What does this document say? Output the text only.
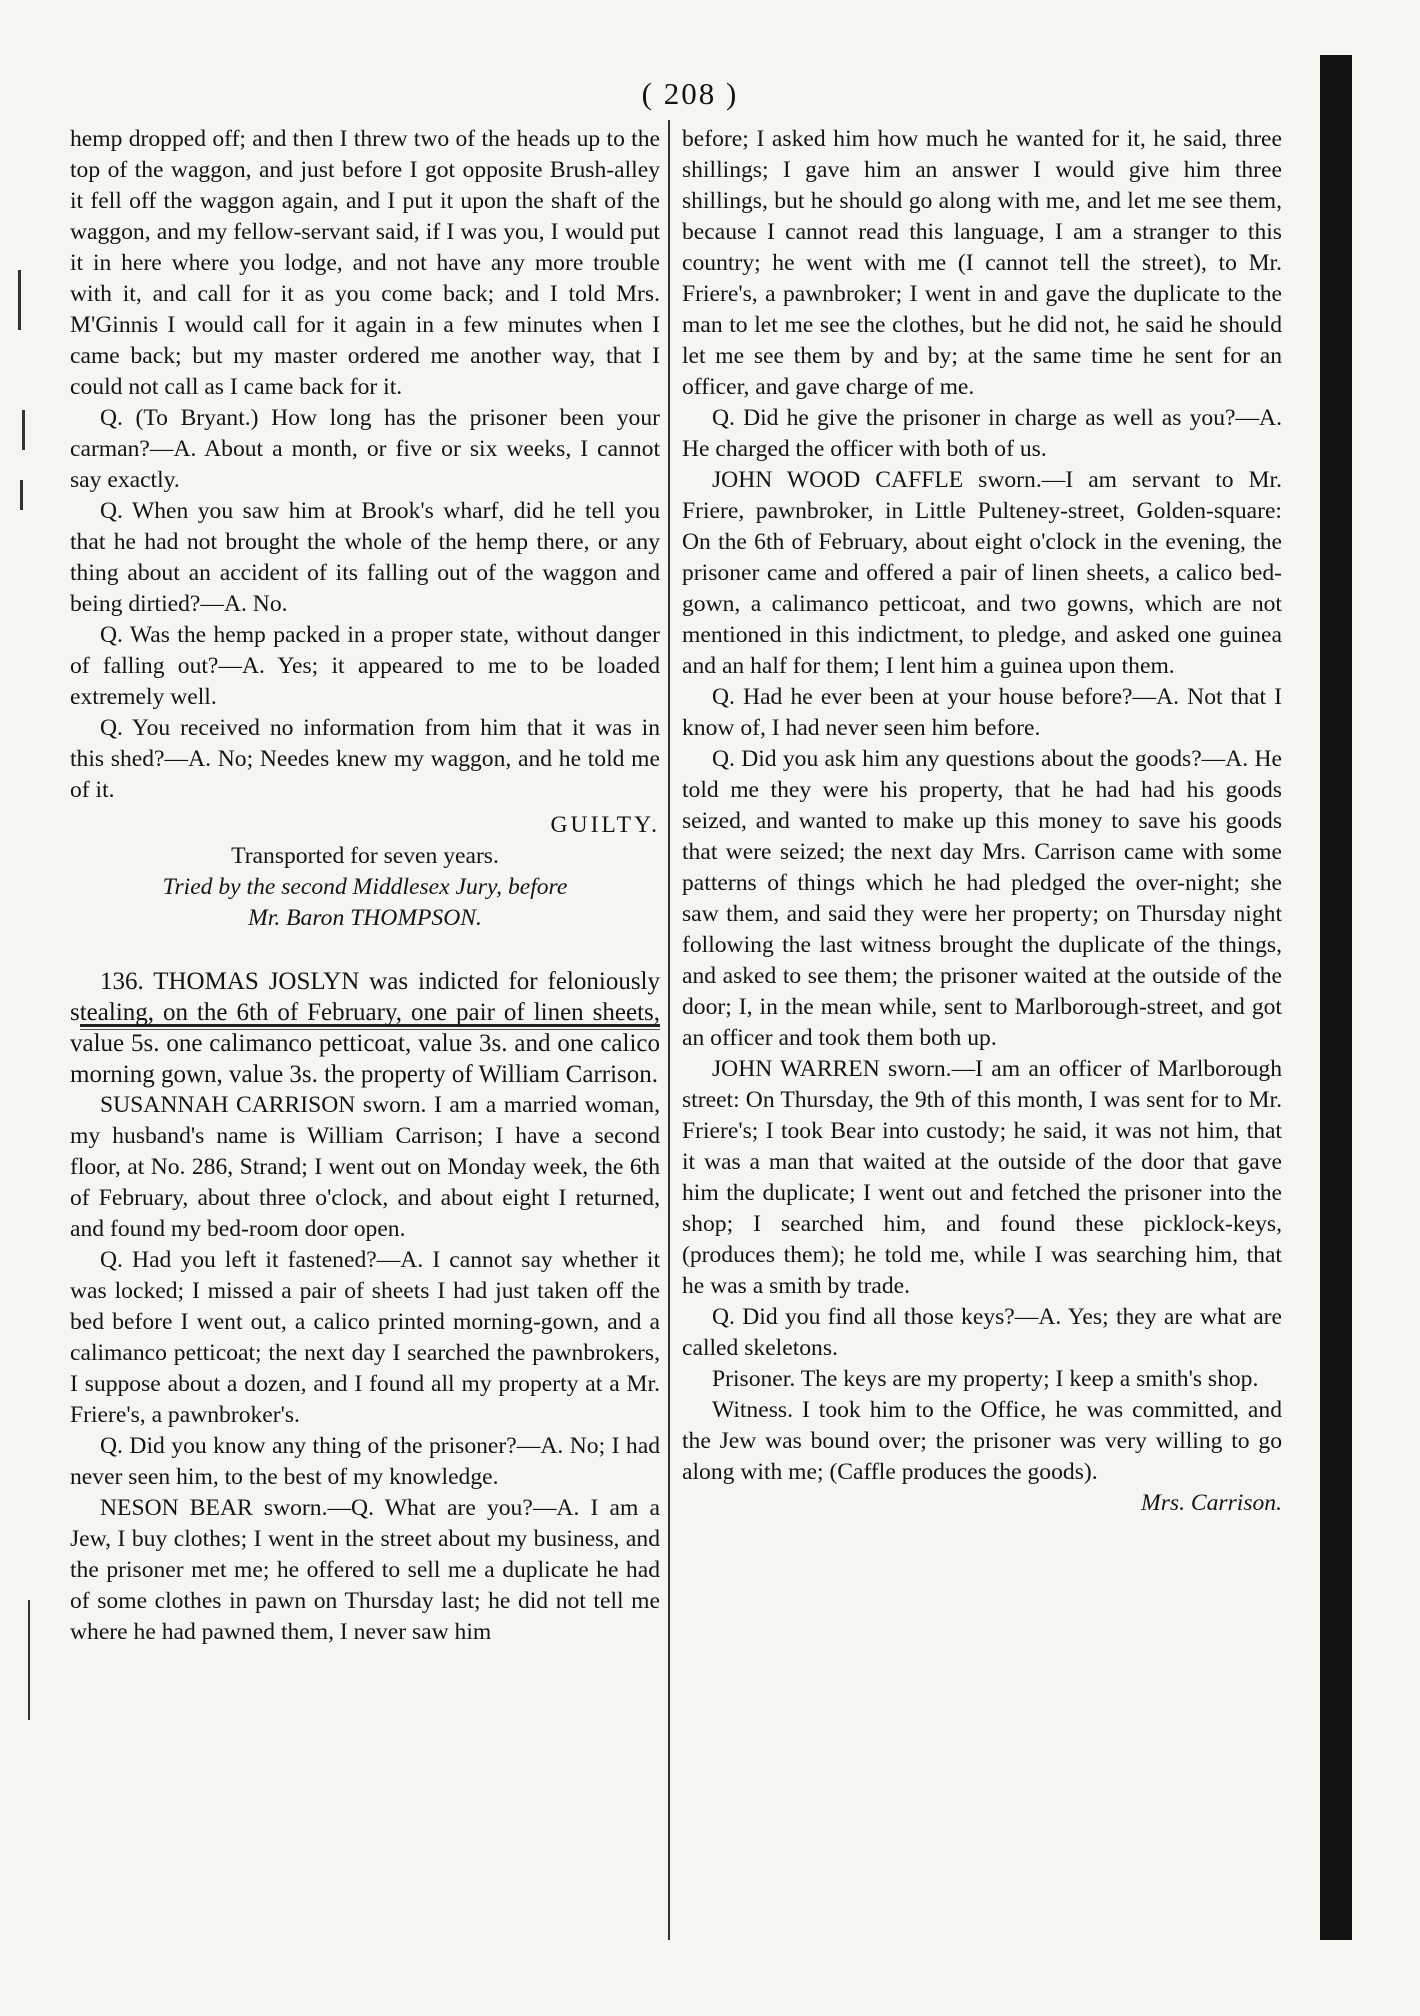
( 208 )

hemp dropped off; and then I threw two of the heads up to the top of the waggon, and just before I got opposite Brush-alley it fell off the waggon again, and I put it upon the shaft of the waggon, and my fellow-servant said, if I was you, I would put it in here where you lodge, and not have any more trouble with it, and call for it as you come back; and I told Mrs. M'Ginnis I would call for it again in a few minutes when I came back; but my master ordered me another way, that I could not call as I came back for it.

Q. (To Bryant.) How long has the prisoner been your carman?—A. About a month, or five or six weeks, I cannot say exactly.

Q. When you saw him at Brook's wharf, did he tell you that he had not brought the whole of the hemp there, or any thing about an accident of its falling out of the waggon and being dirtied?—A. No.

Q. Was the hemp packed in a proper state, without danger of falling out?—A. Yes; it appeared to me to be loaded extremely well.

Q. You received no information from him that it was in this shed?—A. No; Needes knew my waggon, and he told me of it.

GUILTY.

Transported for seven years.

Tried by the second Middlesex Jury, before

Mr. Baron THOMPSON.

136. THOMAS JOSLYN was indicted for feloniously stealing, on the 6th of February, one pair of linen sheets, value 5s. one calimanco petticoat, value 3s. and one calico morning gown, value 3s. the property of William Carrison.

SUSANNAH CARRISON sworn. I am a married woman, my husband's name is William Carrison; I have a second floor, at No. 286, Strand; I went out on Monday week, the 6th of February, about three o'clock, and about eight I returned, and found my bed-room door open.

Q. Had you left it fastened?—A. I cannot say whether it was locked; I missed a pair of sheets I had just taken off the bed before I went out, a calico printed morning-gown, and a calimanco petticoat; the next day I searched the pawnbrokers, I suppose about a dozen, and I found all my property at a Mr. Friere's, a pawnbroker's.

Q. Did you know any thing of the prisoner?—A. No; I had never seen him, to the best of my knowledge.

NESON BEAR sworn.—Q. What are you?—A. I am a Jew, I buy clothes; I went in the street about my business, and the prisoner met me; he offered to sell me a duplicate he had of some clothes in pawn on Thursday last; he did not tell me where he had pawned them, I never saw him

before; I asked him how much he wanted for it, he said, three shillings; I gave him an answer I would give him three shillings, but he should go along with me, and let me see them, because I cannot read this language, I am a stranger to this country; he went with me (I cannot tell the street), to Mr. Friere's, a pawnbroker; I went in and gave the duplicate to the man to let me see the clothes, but he did not, he said he should let me see them by and by; at the same time he sent for an officer, and gave charge of me.

Q. Did he give the prisoner in charge as well as you?—A. He charged the officer with both of us.

JOHN WOOD CAFFLE sworn.—I am servant to Mr. Friere, pawnbroker, in Little Pulteney-street, Golden-square: On the 6th of February, about eight o'clock in the evening, the prisoner came and offered a pair of linen sheets, a calico bed-gown, a calimanco petticoat, and two gowns, which are not mentioned in this indictment, to pledge, and asked one guinea and an half for them; I lent him a guinea upon them.

Q. Had he ever been at your house before?—A. Not that I know of, I had never seen him before.

Q. Did you ask him any questions about the goods?—A. He told me they were his property, that he had had his goods seized, and wanted to make up this money to save his goods that were seized; the next day Mrs. Carrison came with some patterns of things which he had pledged the over-night; she saw them, and said they were her property; on Thursday night following the last witness brought the duplicate of the things, and asked to see them; the prisoner waited at the outside of the door; I, in the mean while, sent to Marlborough-street, and got an officer and took them both up.

JOHN WARREN sworn.—I am an officer of Marlborough street: On Thursday, the 9th of this month, I was sent for to Mr. Friere's; I took Bear into custody; he said, it was not him, that it was a man that waited at the outside of the door that gave him the duplicate; I went out and fetched the prisoner into the shop; I searched him, and found these picklock-keys, (produces them); he told me, while I was searching him, that he was a smith by trade.

Q. Did you find all those keys?—A. Yes; they are what are called skeletons.

Prisoner. The keys are my property; I keep a smith's shop.

Witness. I took him to the Office, he was committed, and the Jew was bound over; the prisoner was very willing to go along with me; (Caffle produces the goods).

Mrs. Carrison.
